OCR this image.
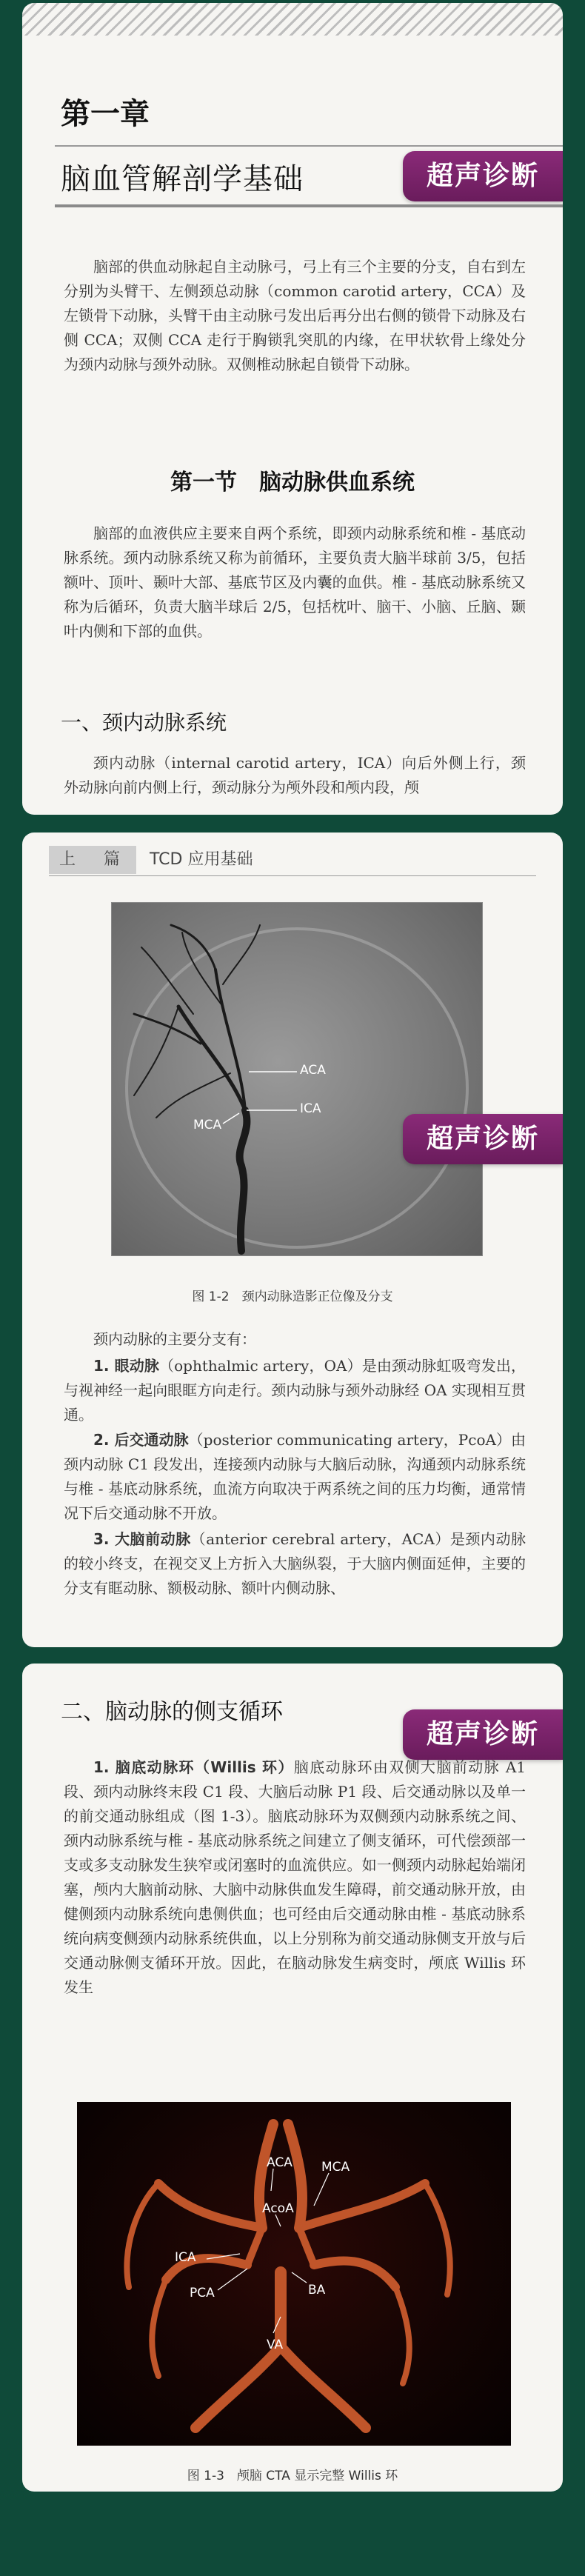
第一章
超声诊断
脑血管解剖学基础
脑部的供血动脉起自主动脉弓，弓上有三个主要的分支，自右到左分别为头臂干、左侧颈总动脉（common carotid artery，CCA）及左锁骨下动脉，头臂干由主动脉弓发出后再分出右侧的锁骨下动脉及右侧 CCA；双侧 CCA 走行于胸锁乳突肌的内缘，在甲状软骨上缘处分为颈内动脉与颈外动脉。双侧椎动脉起自锁骨下动脉。
第一节　脑动脉供血系统
脑部的血液供应主要来自两个系统，即颈内动脉系统和椎 - 基底动脉系统。颈内动脉系统又称为前循环，主要负责大脑半球前 3/5，包括额叶、顶叶、颞叶大部、基底节区及内囊的血供。椎 - 基底动脉系统又称为后循环，负责大脑半球后 2/5，包括枕叶、脑干、小脑、丘脑、颞叶内侧和下部的血供。
一、颈内动脉系统
颈内动脉（internal carotid artery，ICA）向后外侧上行，颈外动脉向前内侧上行，颈动脉分为颅外段和颅内段，颅
上　篇 TCD 应用基础
ACA
ICA
MCA	超声诊断
图 1-2　颈内动脉造影正位像及分支
颈内动脉的主要分支有：
1. 眼动脉（ophthalmic artery，OA）是由颈动脉虹吸弯发出，与视神经一起向眼眶方向走行。颈内动脉与颈外动脉经 OA 实现相互贯通。
2. 后交通动脉（posterior communicating artery，PcoA）由颈内动脉 C1 段发出，连接颈内动脉与大脑后动脉，沟通颈内动脉系统与椎 - 基底动脉系统，血流方向取决于两系统之间的压力均衡，通常情况下后交通动脉不开放。
3. 大脑前动脉（anterior cerebral artery，ACA）是颈内动脉的较小终支，在视交叉上方折入大脑纵裂，于大脑内侧面延伸，主要的分支有眶动脉、额极动脉、额叶内侧动脉、
二、脑动脉的侧支循环
超声诊断
1. 脑底动脉环（Willis 环）脑底动脉环由双侧大脑前动脉 A1 段、颈内动脉终末段 C1 段、大脑后动脉 P1 段、后交通动脉以及单一的前交通动脉组成（图 1-3）。脑底动脉环为双侧颈内动脉系统之间、颈内动脉系统与椎 - 基底动脉系统之间建立了侧支循环，可代偿颈部一支或多支动脉发生狭窄或闭塞时的血流供应。如一侧颈内动脉起始端闭塞，颅内大脑前动脉、大脑中动脉供血发生障碍，前交通动脉开放，由健侧颈内动脉系统向患侧供血；也可经由后交通动脉由椎 - 基底动脉系统向病变侧颈内动脉系统供血，以上分别称为前交通动脉侧支开放与后交通动脉侧支循环开放。因此，在脑动脉发生病变时，颅底 Willis 环发生
ACA MCA
AcoA
ICA
PCA	BA
VA
图 1-3　颅脑 CTA 显示完整 Willis 环
